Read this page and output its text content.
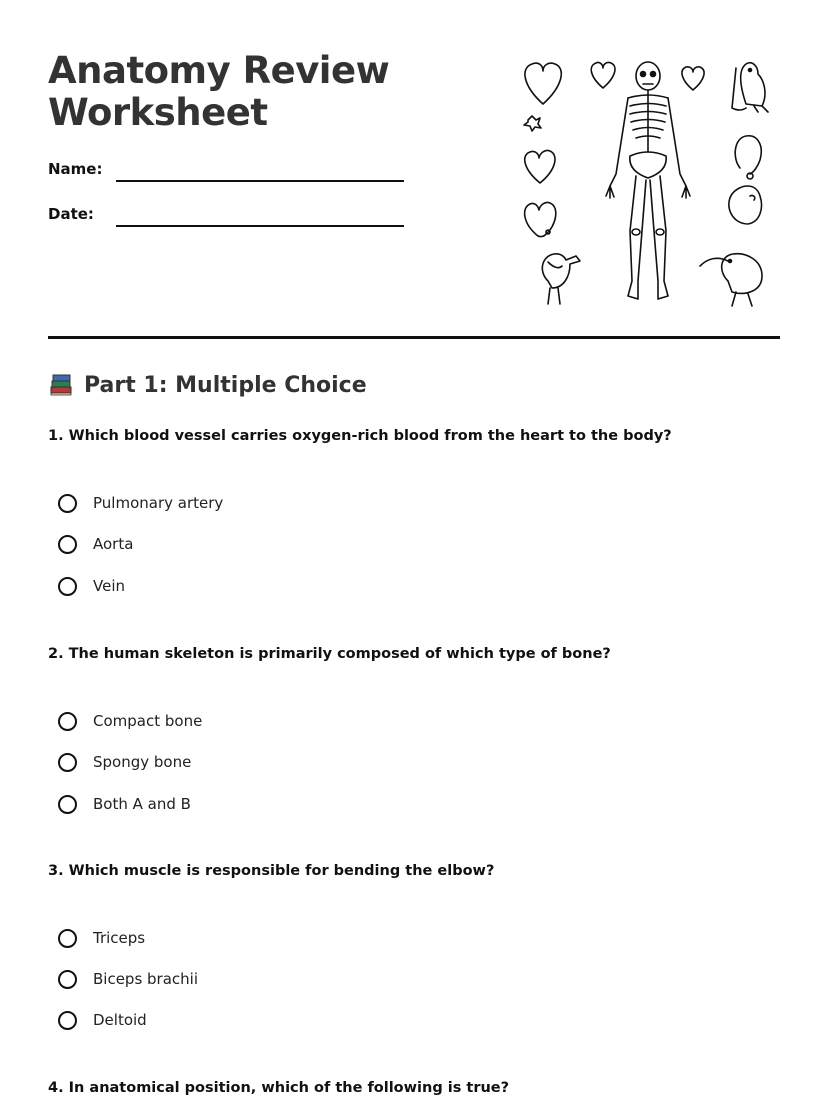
Anatomy Review Worksheet
Name:
Date:
Part 1: Multiple Choice

1. Which blood vessel carries oxygen-rich blood from the heart to the body?

Pulmonary artery
Aorta
Vein

2. The human skeleton is primarily composed of which type of bone?

Compact bone
Spongy bone
Both A and B

3. Which muscle is responsible for bending the elbow?

Triceps
Biceps brachii
Deltoid

4. In anatomical position, which of the following is true?
